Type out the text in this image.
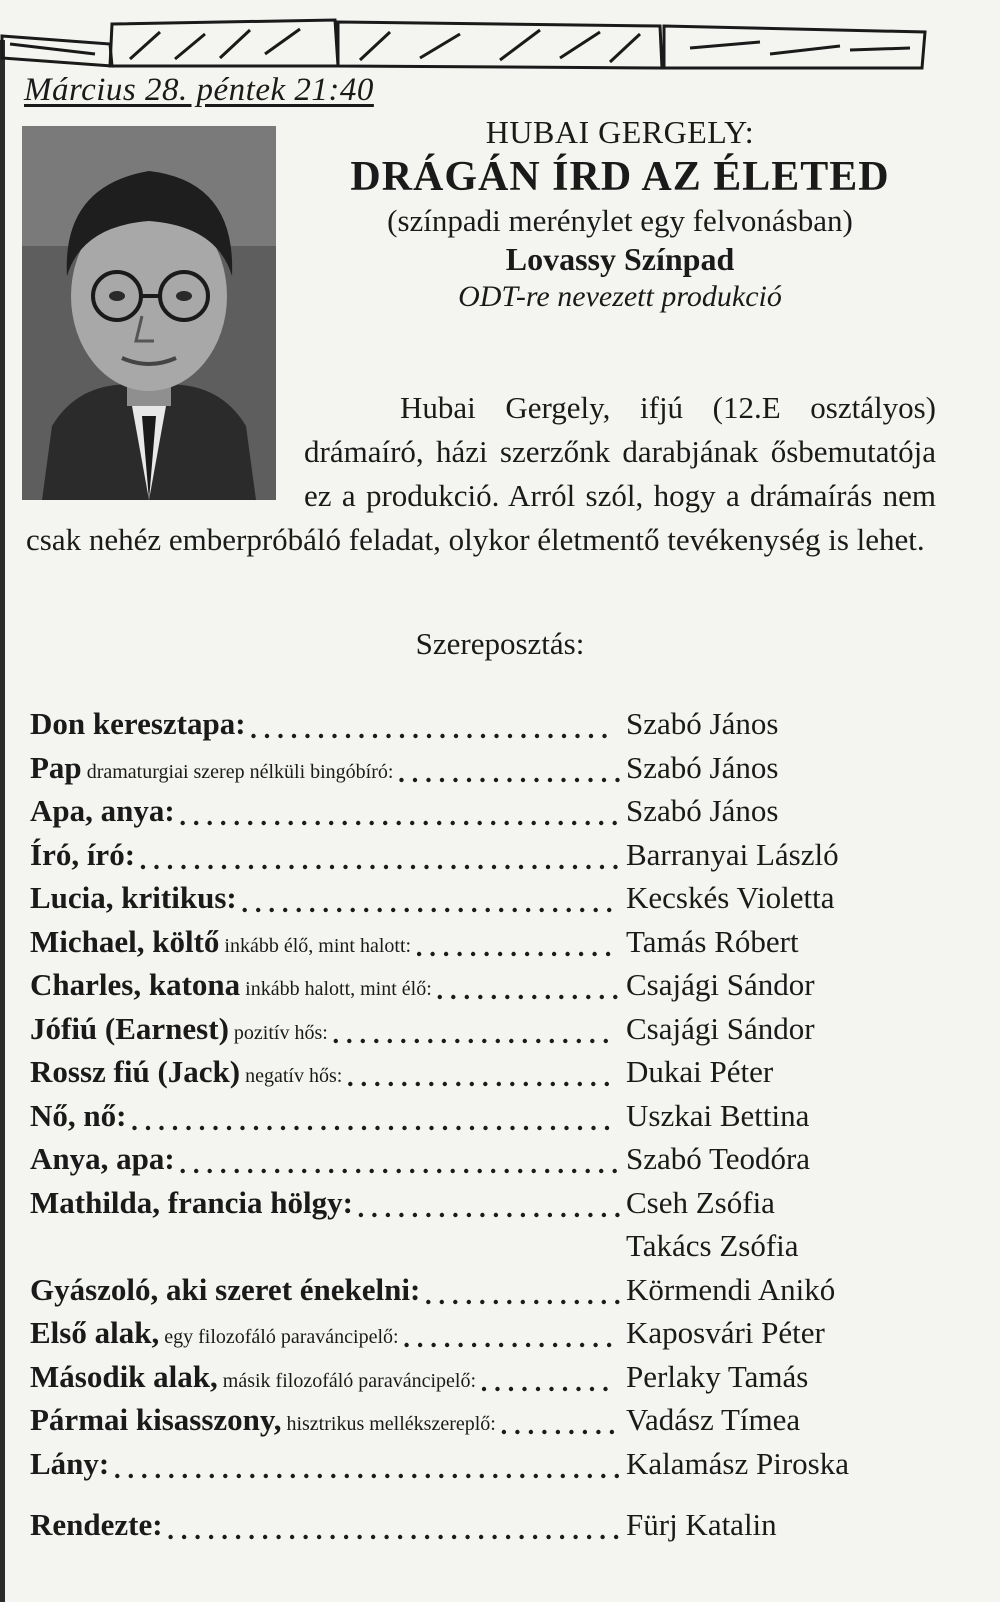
Március 28. péntek 21:40
HUBAI GERGELY:
DRÁGÁN ÍRD AZ ÉLETED
(színpadi merénylet egy felvonásban)
Lovassy Színpad
ODT-re nevezett produkció
Hubai Gergely, ifjú (12.E osztályos) drámaíró, házi szerzőnk darabjának ősbemutatója ez a produkció. Arról szól, hogy a drámaírás nem csak nehéz emberpróbáló feladat, olykor életmentő tevékenység is lehet.
Szereposztás:
Don keresztapa:	Szabó János
Pap dramaturgiai szerep nélküli bingóbíró:	Szabó János
Apa, anya:	Szabó János
Író, író:	Barranyai László
Lucia, kritikus:	Kecskés Violetta
Michael, költő inkább élő, mint halott:	Tamás Róbert
Charles, katona inkább halott, mint élő:	Csajági Sándor
Jófiú (Earnest) pozitív hős:	Csajági Sándor
Rossz fiú (Jack) negatív hős:	Dukai Péter
Nő, nő:	Uszkai Bettina
Anya, apa:	Szabó Teodóra
Mathilda, francia hölgy:	Cseh Zsófia
Takács Zsófia
Gyászoló, aki szeret énekelni:	Körmendi Anikó
Első alak, egy filozofáló paraváncipelő:	Kaposvári Péter
Második alak, másik filozofáló paraváncipelő:	Perlaky Tamás
Pármai kisasszony, hisztrikus mellékszereplő:	Vadász Tímea
Lány:	Kalamász Piroska
Rendezte:	Fürj Katalin
